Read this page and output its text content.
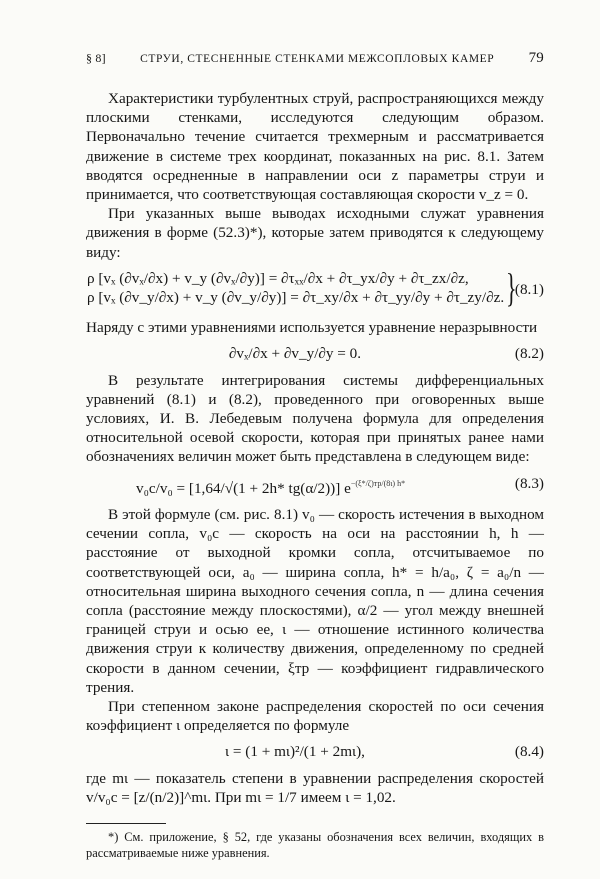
§ 8]	СТРУИ, СТЕСНЕННЫЕ СТЕНКАМИ МЕЖСОПЛОВЫХ КАМЕР 79

Характеристики турбулентных струй, распространяющихся между плоскими стенками, исследуются следующим образом. Первоначально течение считается трехмерным и рассматривается движение в системе трех координат, показанных на рис. 8.1. Затем вводятся осредненные в направлении оси z параметры струи и принимается, что соответствующая составляющая скорости v_z = 0.

При указанных выше выводах исходными служат уравнения движения в форме (52.3)*), которые затем приводятся к следующему виду:

ρ [vₓ (∂vₓ/∂x) + v_y (∂vₓ/∂y)] = ∂τₓₓ/∂x + ∂τ_yx/∂y + ∂τ_zx/∂z,
ρ [vₓ (∂v_y/∂x) + v_y (∂v_y/∂y)] = ∂τ_xy/∂x + ∂τ_yy/∂y + ∂τ_zy/∂z. }
(8.1)

Наряду с этими уравнениями используется уравнение неразрывности

∂vₓ/∂x + ∂v_y/∂y = 0.	(8.2)

В результате интегрирования системы дифференциальных уравнений (8.1) и (8.2), проведенного при оговоренных выше условиях, И. В. Лебедевым получена формула для определения относительной осевой скорости, которая при принятых ранее нами обозначениях величин может быть представлена в следующем виде:

v₀с/v₀ = [1,64/√(1 + 2h* tg(α/2))] $e^{-(\xi*/\zeta)тр/(8\iota) h*}$	(8.3)

В этой формуле (см. рис. 8.1) v₀ — скорость истечения в выходном сечении сопла, v₀с — скорость на оси на расстоянии h, h — расстояние от выходной кромки сопла, отсчитываемое по соответствующей оси, a₀ — ширина сопла, h* = h/a₀, ζ = a₀/n — относительная ширина выходного сечения сопла, n — длина сечения сопла (расстояние между плоскостями), α/2 — угол между внешней границей струи и осью ее, ι — отношение истинного количества движения струи к количеству движения, определенному по средней скорости в данном сечении, ξтр — коэффициент гидравлического трения.

При степенном законе распределения скоростей по оси сечения коэффициент ι определяется по формуле

ι = (1 + mι)²/(1 + 2mι),	(8.4)

где mι — показатель степени в уравнении распределения скоростей v/v₀с = [z/(n/2)]^mι. При mι = 1/7 имеем ι = 1,02.

*) См. приложение, § 52, где указаны обозначения всех величин, входящих в рассматриваемые ниже уравнения.
